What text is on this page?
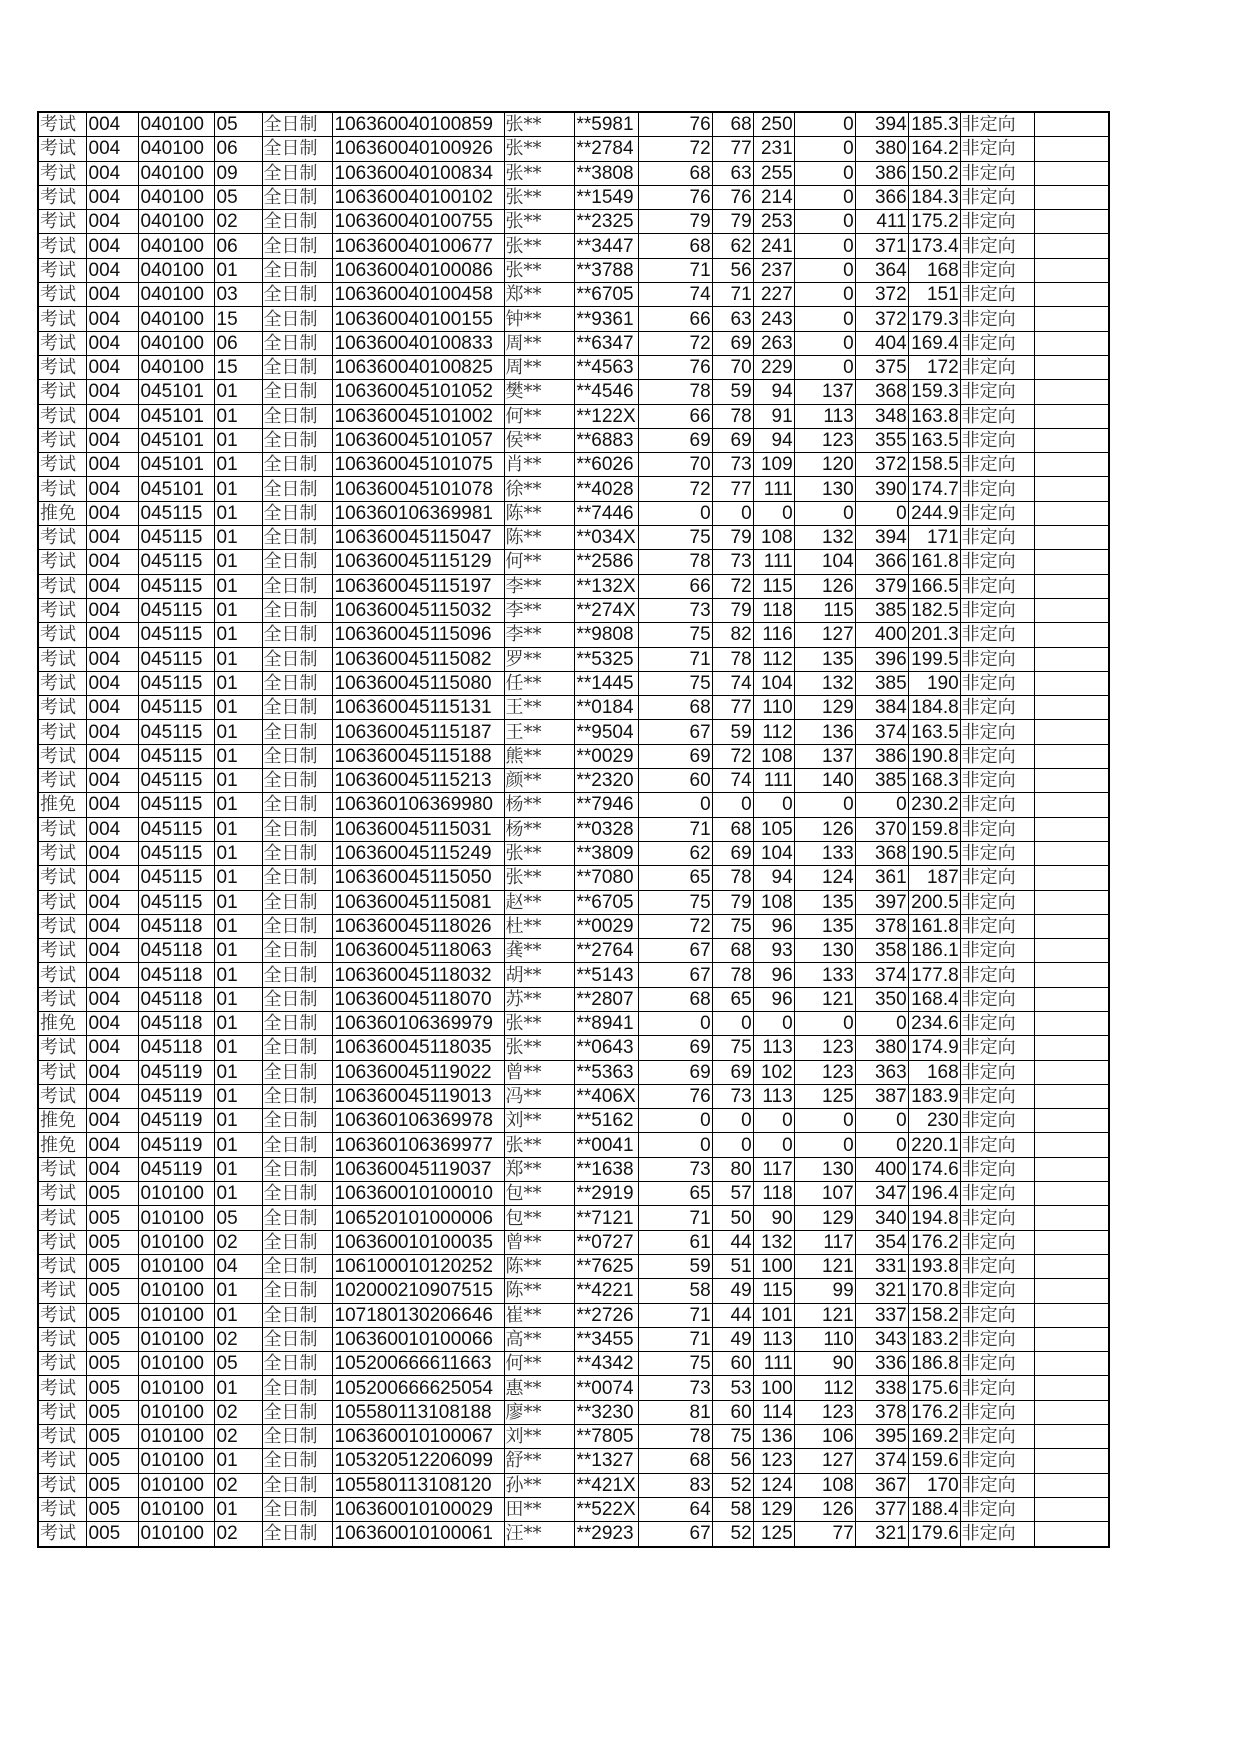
考试	004	040100	05	全日制	106360040100859	张**	**5981	76	68	250	0	394	185.3	非定向	
考试	004	040100	06	全日制	106360040100926	张**	**2784	72	77	231	0	380	164.2	非定向	
考试	004	040100	09	全日制	106360040100834	张**	**3808	68	63	255	0	386	150.2	非定向	
考试	004	040100	05	全日制	106360040100102	张**	**1549	76	76	214	0	366	184.3	非定向	
考试	004	040100	02	全日制	106360040100755	张**	**2325	79	79	253	0	411	175.2	非定向	
考试	004	040100	06	全日制	106360040100677	张**	**3447	68	62	241	0	371	173.4	非定向	
考试	004	040100	01	全日制	106360040100086	张**	**3788	71	56	237	0	364	168	非定向	
考试	004	040100	03	全日制	106360040100458	郑**	**6705	74	71	227	0	372	151	非定向	
考试	004	040100	15	全日制	106360040100155	钟**	**9361	66	63	243	0	372	179.3	非定向	
考试	004	040100	06	全日制	106360040100833	周**	**6347	72	69	263	0	404	169.4	非定向	
考试	004	040100	15	全日制	106360040100825	周**	**4563	76	70	229	0	375	172	非定向	
考试	004	045101	01	全日制	106360045101052	樊**	**4546	78	59	94	137	368	159.3	非定向	
考试	004	045101	01	全日制	106360045101002	何**	**122X	66	78	91	113	348	163.8	非定向	
考试	004	045101	01	全日制	106360045101057	侯**	**6883	69	69	94	123	355	163.5	非定向	
考试	004	045101	01	全日制	106360045101075	肖**	**6026	70	73	109	120	372	158.5	非定向	
考试	004	045101	01	全日制	106360045101078	徐**	**4028	72	77	111	130	390	174.7	非定向	
推免	004	045115	01	全日制	106360106369981	陈**	**7446	0	0	0	0	0	244.9	非定向	
考试	004	045115	01	全日制	106360045115047	陈**	**034X	75	79	108	132	394	171	非定向	
考试	004	045115	01	全日制	106360045115129	何**	**2586	78	73	111	104	366	161.8	非定向	
考试	004	045115	01	全日制	106360045115197	李**	**132X	66	72	115	126	379	166.5	非定向	
考试	004	045115	01	全日制	106360045115032	李**	**274X	73	79	118	115	385	182.5	非定向	
考试	004	045115	01	全日制	106360045115096	李**	**9808	75	82	116	127	400	201.3	非定向	
考试	004	045115	01	全日制	106360045115082	罗**	**5325	71	78	112	135	396	199.5	非定向	
考试	004	045115	01	全日制	106360045115080	任**	**1445	75	74	104	132	385	190	非定向	
考试	004	045115	01	全日制	106360045115131	王**	**0184	68	77	110	129	384	184.8	非定向	
考试	004	045115	01	全日制	106360045115187	王**	**9504	67	59	112	136	374	163.5	非定向	
考试	004	045115	01	全日制	106360045115188	熊**	**0029	69	72	108	137	386	190.8	非定向	
考试	004	045115	01	全日制	106360045115213	颜**	**2320	60	74	111	140	385	168.3	非定向	
推免	004	045115	01	全日制	106360106369980	杨**	**7946	0	0	0	0	0	230.2	非定向	
考试	004	045115	01	全日制	106360045115031	杨**	**0328	71	68	105	126	370	159.8	非定向	
考试	004	045115	01	全日制	106360045115249	张**	**3809	62	69	104	133	368	190.5	非定向	
考试	004	045115	01	全日制	106360045115050	张**	**7080	65	78	94	124	361	187	非定向	
考试	004	045115	01	全日制	106360045115081	赵**	**6705	75	79	108	135	397	200.5	非定向	
考试	004	045118	01	全日制	106360045118026	杜**	**0029	72	75	96	135	378	161.8	非定向	
考试	004	045118	01	全日制	106360045118063	龚**	**2764	67	68	93	130	358	186.1	非定向	
考试	004	045118	01	全日制	106360045118032	胡**	**5143	67	78	96	133	374	177.8	非定向	
考试	004	045118	01	全日制	106360045118070	苏**	**2807	68	65	96	121	350	168.4	非定向	
推免	004	045118	01	全日制	106360106369979	张**	**8941	0	0	0	0	0	234.6	非定向	
考试	004	045118	01	全日制	106360045118035	张**	**0643	69	75	113	123	380	174.9	非定向	
考试	004	045119	01	全日制	106360045119022	曾**	**5363	69	69	102	123	363	168	非定向	
考试	004	045119	01	全日制	106360045119013	冯**	**406X	76	73	113	125	387	183.9	非定向	
推免	004	045119	01	全日制	106360106369978	刘**	**5162	0	0	0	0	0	230	非定向	
推免	004	045119	01	全日制	106360106369977	张**	**0041	0	0	0	0	0	220.1	非定向	
考试	004	045119	01	全日制	106360045119037	郑**	**1638	73	80	117	130	400	174.6	非定向	
考试	005	010100	01	全日制	106360010100010	包**	**2919	65	57	118	107	347	196.4	非定向	
考试	005	010100	05	全日制	106520101000006	包**	**7121	71	50	90	129	340	194.8	非定向	
考试	005	010100	02	全日制	106360010100035	曾**	**0727	61	44	132	117	354	176.2	非定向	
考试	005	010100	04	全日制	106100010120252	陈**	**7625	59	51	100	121	331	193.8	非定向	
考试	005	010100	01	全日制	102000210907515	陈**	**4221	58	49	115	99	321	170.8	非定向	
考试	005	010100	01	全日制	107180130206646	崔**	**2726	71	44	101	121	337	158.2	非定向	
考试	005	010100	02	全日制	106360010100066	高**	**3455	71	49	113	110	343	183.2	非定向	
考试	005	010100	05	全日制	105200666611663	何**	**4342	75	60	111	90	336	186.8	非定向	
考试	005	010100	01	全日制	105200666625054	惠**	**0074	73	53	100	112	338	175.6	非定向	
考试	005	010100	02	全日制	105580113108188	廖**	**3230	81	60	114	123	378	176.2	非定向	
考试	005	010100	02	全日制	106360010100067	刘**	**7805	78	75	136	106	395	169.2	非定向	
考试	005	010100	01	全日制	105320512206099	舒**	**1327	68	56	123	127	374	159.6	非定向	
考试	005	010100	02	全日制	105580113108120	孙**	**421X	83	52	124	108	367	170	非定向	
考试	005	010100	01	全日制	106360010100029	田**	**522X	64	58	129	126	377	188.4	非定向	
考试	005	010100	02	全日制	106360010100061	汪**	**2923	67	52	125	77	321	179.6	非定向	
